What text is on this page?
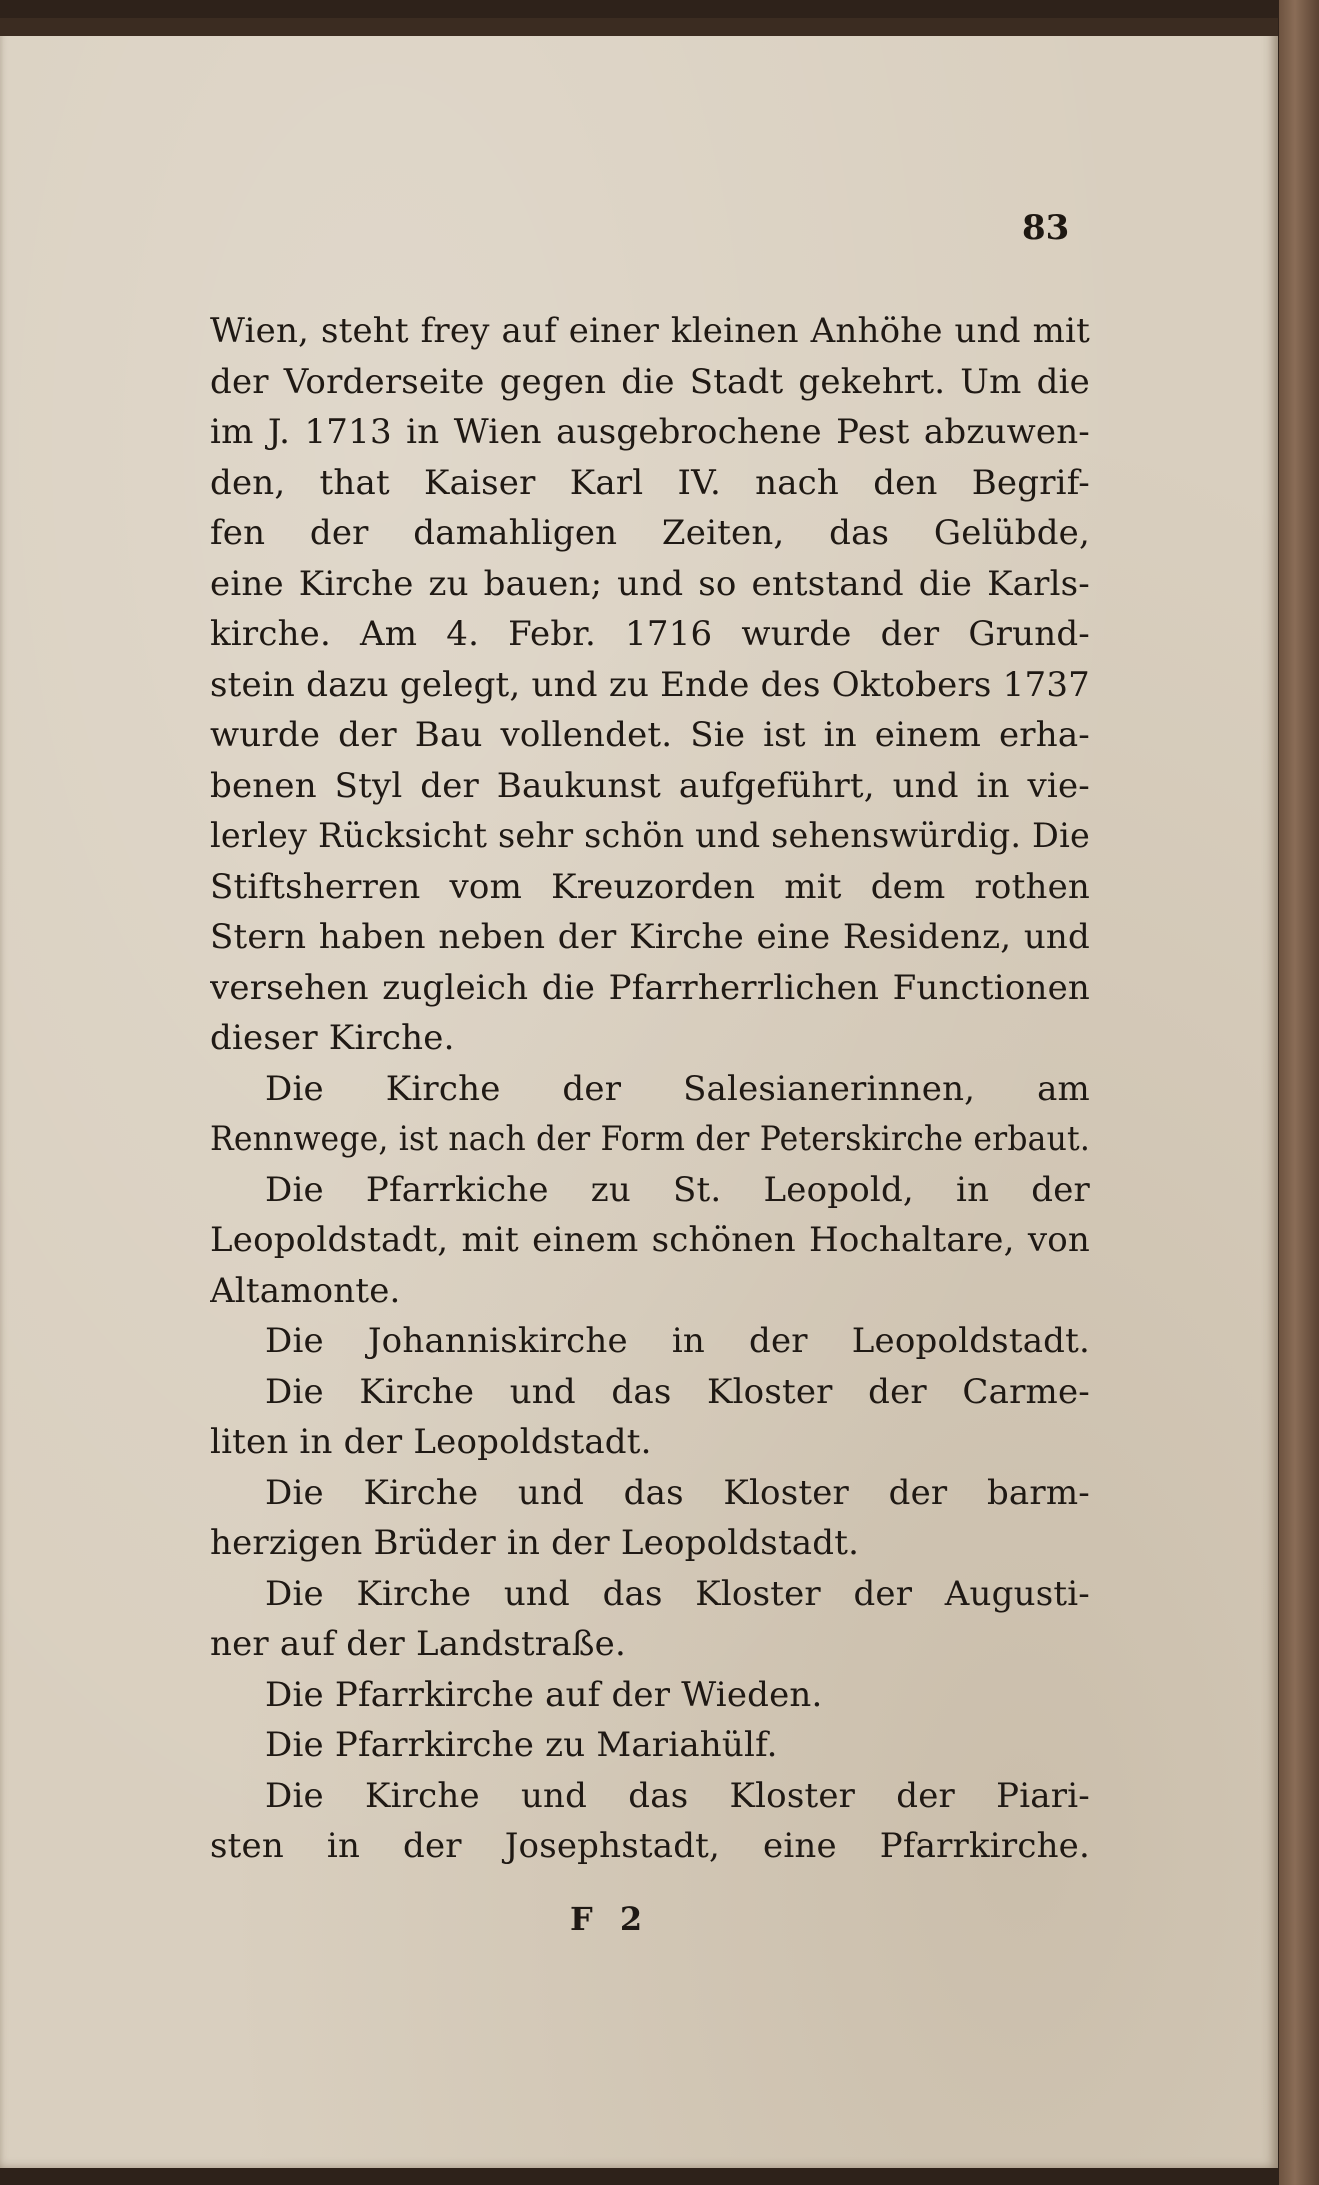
83
Wien, steht frey auf einer kleinen Anhöhe und mit
der Vorderseite gegen die Stadt gekehrt. Um die
im J. 1713 in Wien ausgebrochene Pest abzuwen-
den, that Kaiser Karl IV. nach den Begrif-
fen der damahligen Zeiten, das Gelübde,
eine Kirche zu bauen; und so entstand die Karls-
kirche. Am 4. Febr. 1716 wurde der Grund-
stein dazu gelegt, und zu Ende des Oktobers 1737
wurde der Bau vollendet. Sie ist in einem erha-
benen Styl der Baukunst aufgeführt, und in vie-
lerley Rücksicht sehr schön und sehenswürdig. Die
Stiftsherren vom Kreuzorden mit dem rothen
Stern haben neben der Kirche eine Residenz, und
versehen zugleich die Pfarrherrlichen Functionen
dieser Kirche.
Die Kirche der Salesianerinnen, am
Rennwege, ist nach der Form der Peterskirche erbaut.
Die Pfarrkiche zu St. Leopold, in der
Leopoldstadt, mit einem schönen Hochaltare, von
Altamonte.
Die Johanniskirche in der Leopoldstadt.
Die Kirche und das Kloster der Carme-
liten in der Leopoldstadt.
Die Kirche und das Kloster der barm-
herzigen Brüder in der Leopoldstadt.
Die Kirche und das Kloster der Augusti-
ner auf der Landstraße.
Die Pfarrkirche auf der Wieden.
Die Pfarrkirche zu Mariahülf.
Die Kirche und das Kloster der Piari-
sten in der Josephstadt, eine Pfarrkirche.
F 2
